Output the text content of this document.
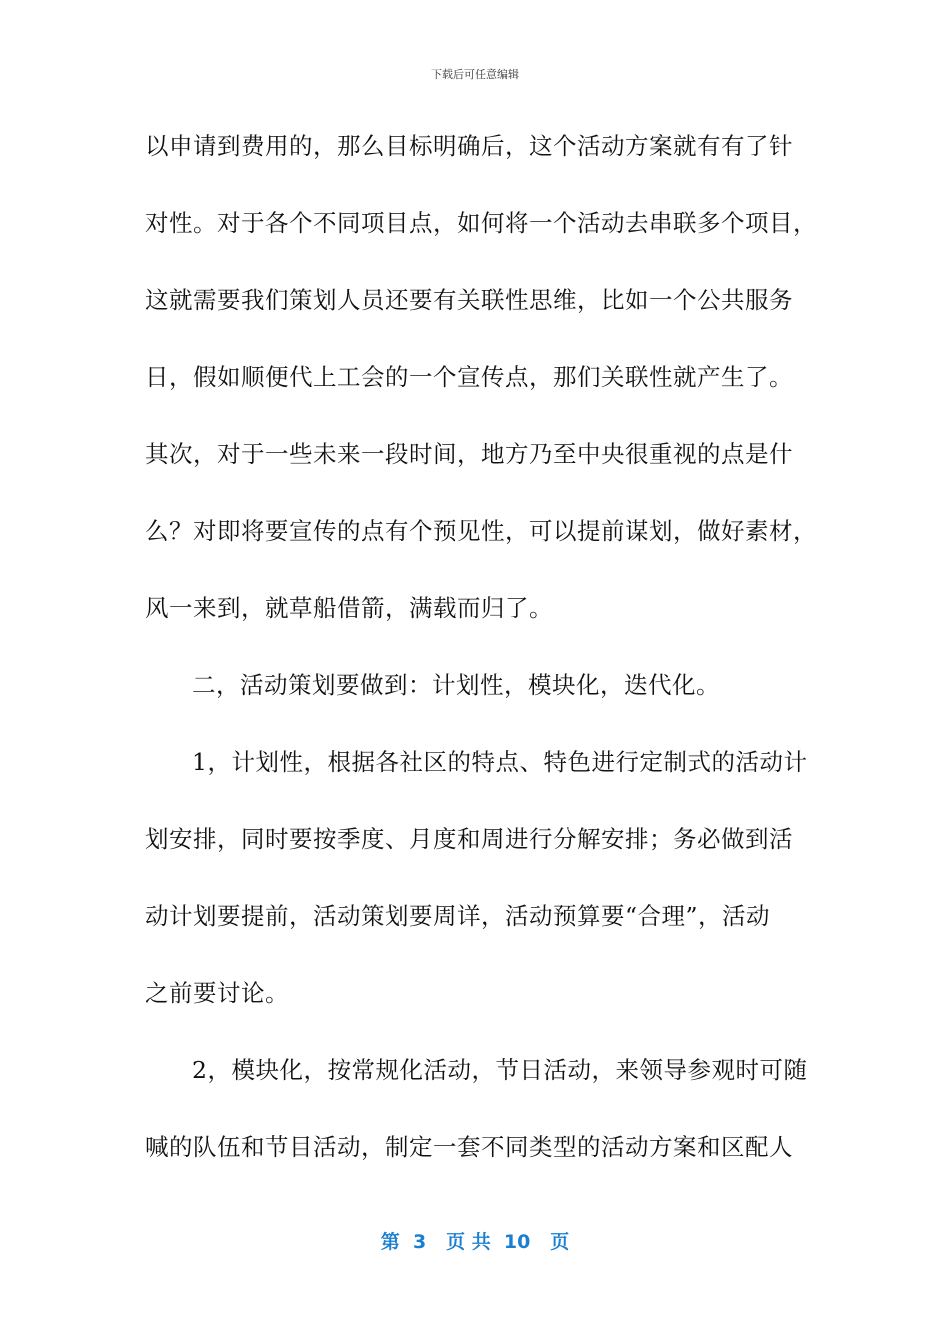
下载后可任意编辑
以申请到费用的，那么目标明确后，这个活动方案就有有了针
对性。对于各个不同项目点，如何将一个活动去串联多个项目，
这就需要我们策划人员还要有关联性思维，比如一个公共服务
日，假如顺便代上工会的一个宣传点，那们关联性就产生了。
其次，对于一些未来一段时间，地方乃至中央很重视的点是什
么？对即将要宣传的点有个预见性，可以提前谋划，做好素材，
风一来到，就草船借箭，满载而归了。
二，活动策划要做到：计划性，模块化，迭代化。
1，计划性，根据各社区的特点、特色进行定制式的活动计
划安排，同时要按季度、月度和周进行分解安排；务必做到活
动计划要提前，活动策划要周详，活动预算要“合理”，活动
之前要讨论。
2，模块化，按常规化活动，节日活动，来领导参观时可随
喊的队伍和节目活动，制定一套不同类型的活动方案和区配人
第  3   页 共  10   页
